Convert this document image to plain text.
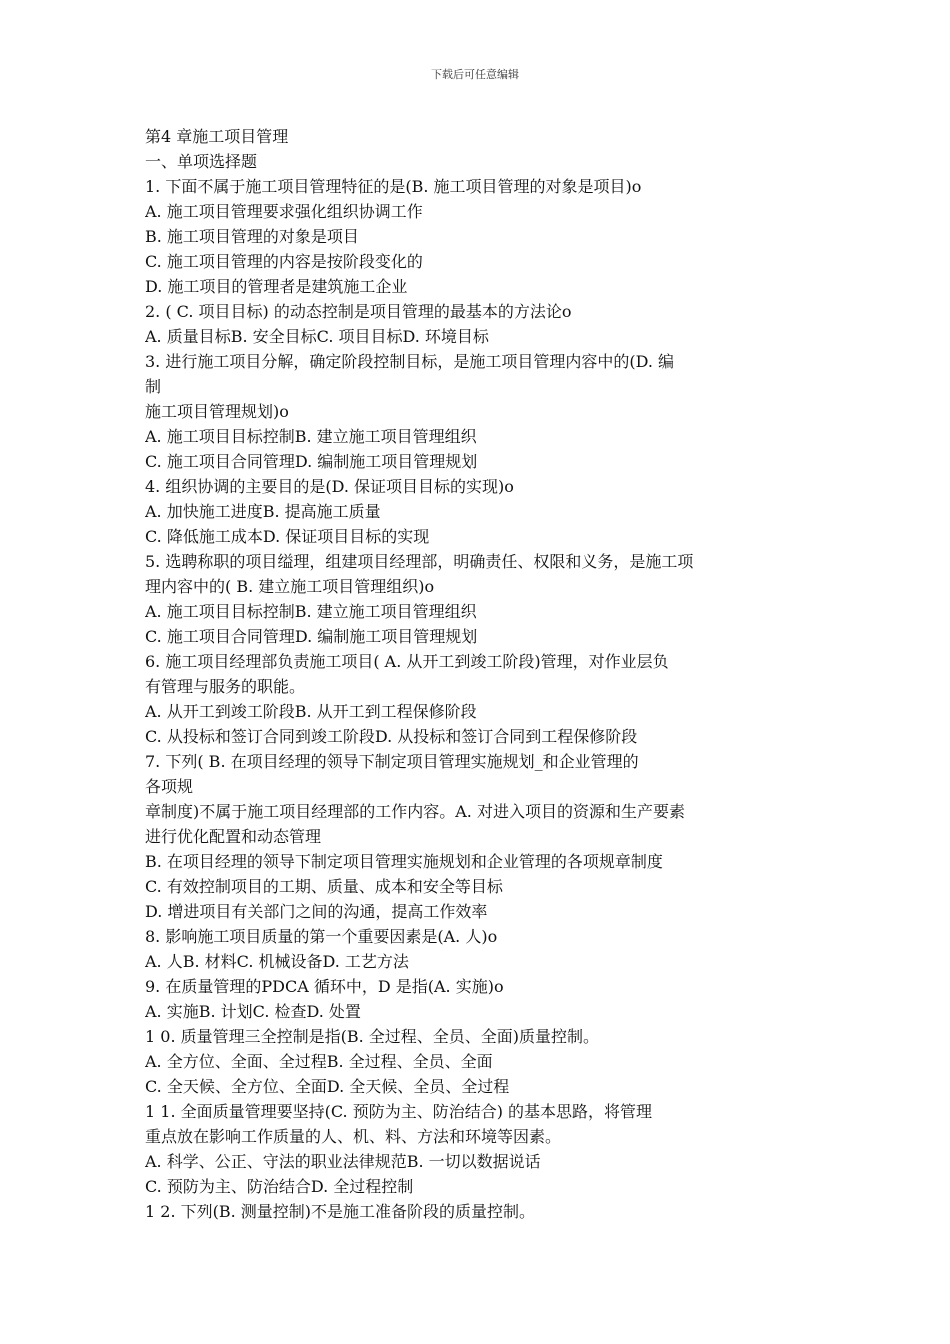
下载后可任意编辑
第4 章施工项目管理
一、单项选择题
1. 下面不属于施工项目管理特征的是(B. 施工项目管理的对象是项目)o
A. 施工项目管理要求强化组织协调工作
B. 施工项目管理的对象是项目
C. 施工项目管理的内容是按阶段变化的
D. 施工项目的管理者是建筑施工企业
2. ( C. 项目目标) 的动态控制是项目管理的最基本的方法论o
A. 质量目标B. 安全目标C. 项目目标D. 环境目标
3. 进行施工项目分解，确定阶段控制目标，是施工项目管理内容中的(D. 编
制
施工项目管理规划)o
A. 施工项目目标控制B. 建立施工项目管理组织
C. 施工项目合同管理D. 编制施工项目管理规划
4. 组织协调的主要目的是(D. 保证项目目标的实现)o
A. 加快施工进度B. 提高施工质量
C. 降低施工成本D. 保证项目目标的实现
5. 选聘称职的项目缢理，组建项目经理部，明确责任、权限和义务，是施工项
理内容中的( B. 建立施工项目管理组织)o
A. 施工项目目标控制B. 建立施工项目管理组织
C. 施工项目合同管理D. 编制施工项目管理规划
6. 施工项目经理部负责施工项目( A. 从开工到竣工阶段)管理，对作业层负
有管理与服务的职能。
A. 从开工到竣工阶段B. 从开工到工程保修阶段
C. 从投标和签订合同到竣工阶段D. 从投标和签订合同到工程保修阶段
7. 下列( B. 在项目经理的领导下制定项目管理实施规划_和企业管理的
各项规
章制度)不属于施工项目经理部的工作内容。A. 对进入项目的资源和生产要素
进行优化配置和动态管理
B. 在项目经理的领导下制定项目管理实施规划和企业管理的各项规章制度
C. 有效控制项目的工期、质量、成本和安全等目标
D. 增进项目有关部门之间的沟通，提高工作效率
8. 影响施工项目质量的第一个重要因素是(A. 人)o
A. 人B. 材料C. 机械设备D. 工艺方法
9. 在质量管理的PDCA 循环中，D 是指(A. 实施)o
A. 实施B. 计划C. 检查D. 处置
1 0. 质量管理三全控制是指(B. 全过程、全员、全面)质量控制。
A. 全方位、全面、全过程B. 全过程、全员、全面
C. 全天候、全方位、全面D. 全天候、全员、全过程
1 1. 全面质量管理要坚持(C. 预防为主、防治结合) 的基本思路，将管理
重点放在影响工作质量的人、机、料、方法和环境等因素。
A. 科学、公正、守法的职业法律规范B. 一切以数据说话
C. 预防为主、防治结合D. 全过程控制
1 2. 下列(B. 测量控制)不是施工准备阶段的质量控制。
